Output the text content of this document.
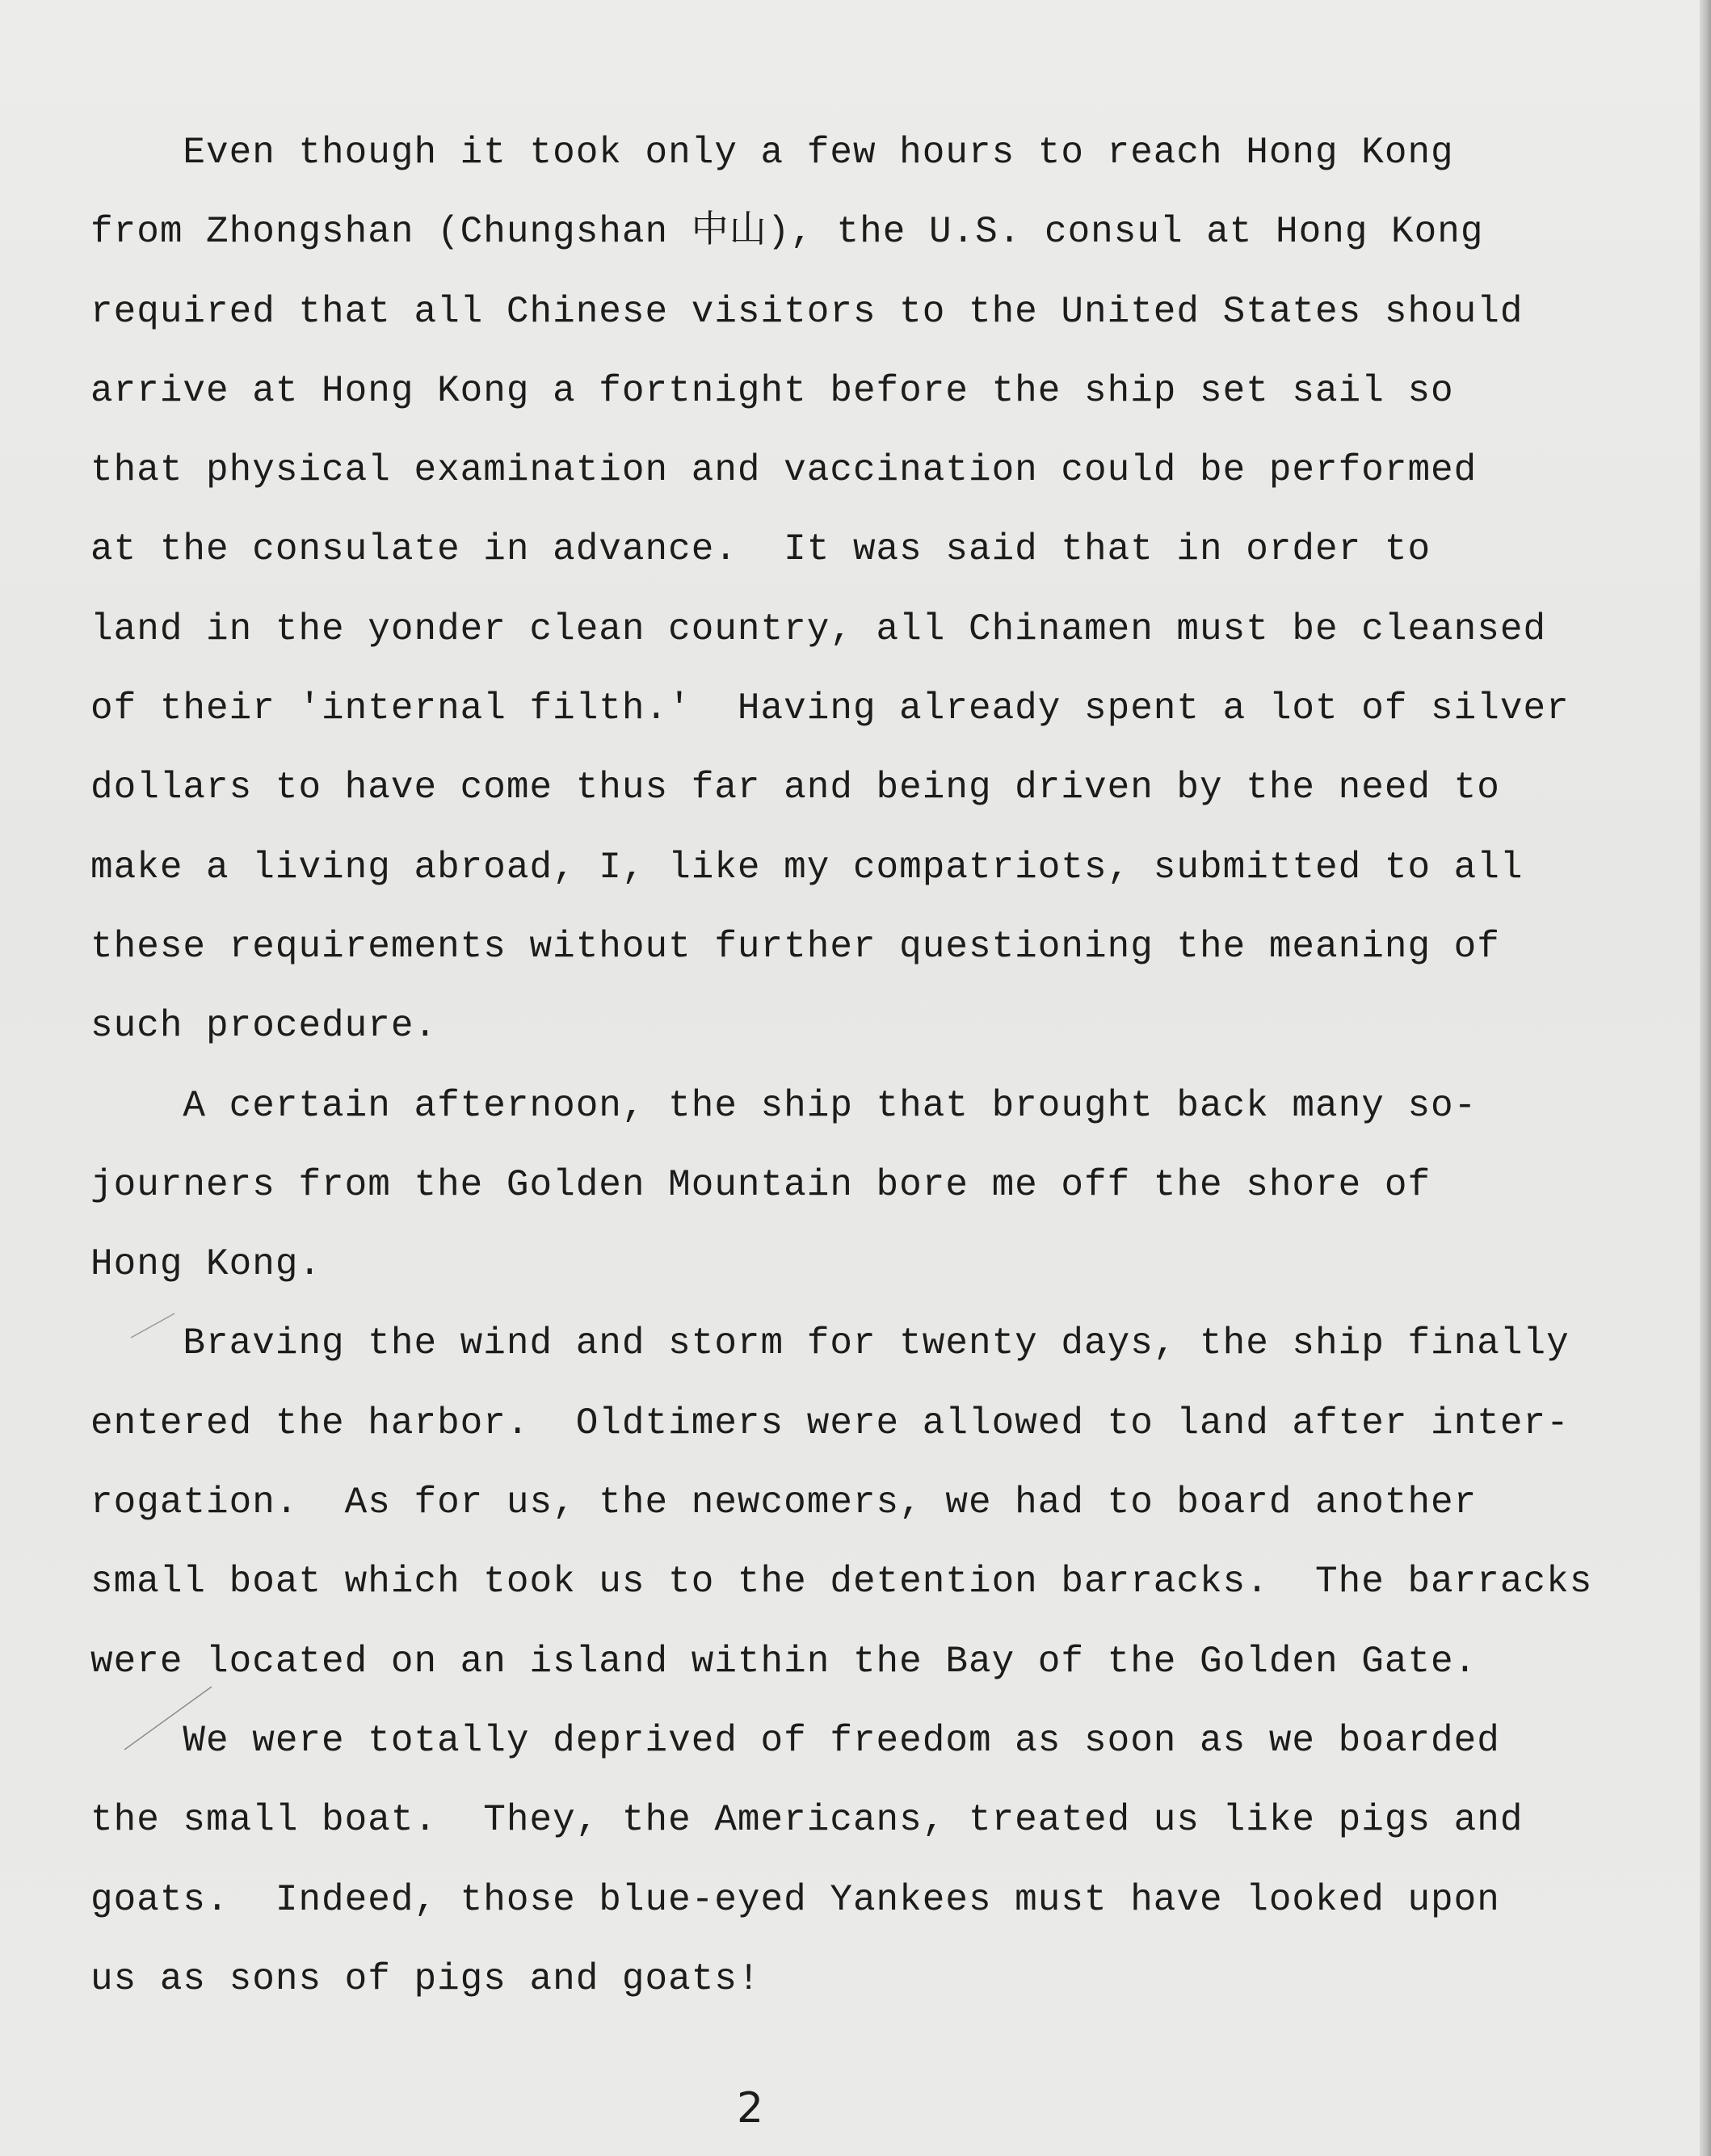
Even though it took only a few hours to reach Hong Kong
from Zhongshan (Chungshan 中山), the U.S. consul at Hong Kong
required that all Chinese visitors to the United States should
arrive at Hong Kong a fortnight before the ship set sail so
that physical examination and vaccination could be performed
at the consulate in advance.  It was said that in order to
land in the yonder clean country, all Chinamen must be cleansed
of their 'internal filth.'  Having already spent a lot of silver
dollars to have come thus far and being driven by the need to
make a living abroad, I, like my compatriots, submitted to all
these requirements without further questioning the meaning of
such procedure.
A certain afternoon, the ship that brought back many so-
journers from the Golden Mountain bore me off the shore of
Hong Kong.
Braving the wind and storm for twenty days, the ship finally
entered the harbor.  Oldtimers were allowed to land after inter-
rogation.  As for us, the newcomers, we had to board another
small boat which took us to the detention barracks.  The barracks
were located on an island within the Bay of the Golden Gate.
We were totally deprived of freedom as soon as we boarded
the small boat.  They, the Americans, treated us like pigs and
goats.  Indeed, those blue-eyed Yankees must have looked upon
us as sons of pigs and goats!
2
